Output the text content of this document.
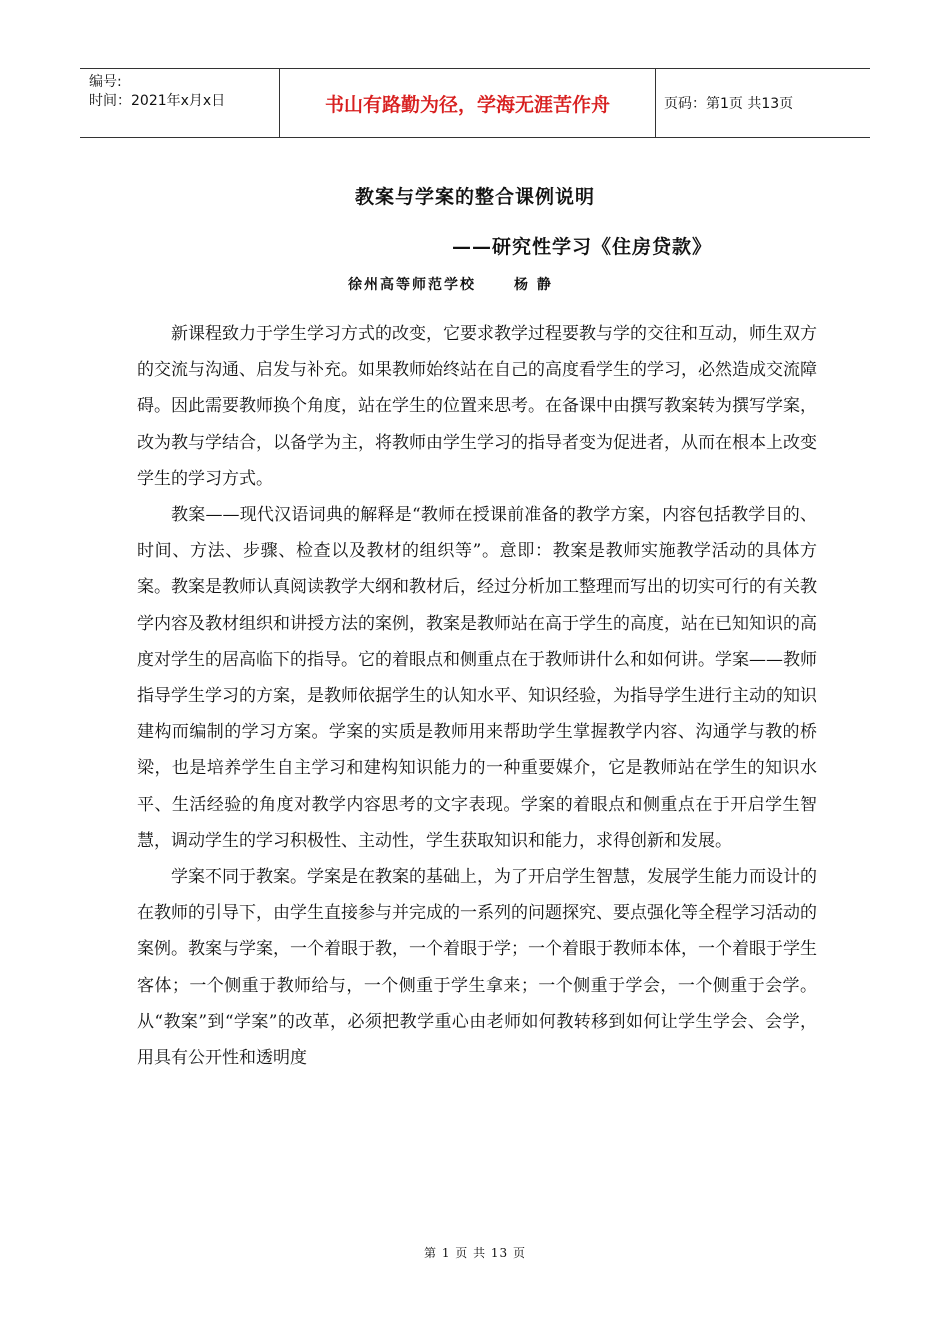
编号:
时间：2021年x月x日	书山有路勤为径，学海无涯苦作舟	页码：第1页 共13页
教案与学案的整合课例说明
——研究性学习《住房贷款》
徐州高等师范学校	杨 静

新课程致力于学生学习方式的改变，它要求教学过程要教与学的交往和互动，师生双方的交流与沟通、启发与补充。如果教师始终站在自己的高度看学生的学习，必然造成交流障碍。因此需要教师换个角度，站在学生的位置来思考。在备课中由撰写教案转为撰写学案，改为教与学结合，以备学为主，将教师由学生学习的指导者变为促进者，从而在根本上改变学生的学习方式。

教案——现代汉语词典的解释是“教师在授课前准备的教学方案，内容包括教学目的、时间、方法、步骤、检查以及教材的组织等”。意即：教案是教师实施教学活动的具体方案。教案是教师认真阅读教学大纲和教材后，经过分析加工整理而写出的切实可行的有关教学内容及教材组织和讲授方法的案例，教案是教师站在高于学生的高度，站在已知知识的高度对学生的居高临下的指导。它的着眼点和侧重点在于教师讲什么和如何讲。学案——教师指导学生学习的方案，是教师依据学生的认知水平、知识经验，为指导学生进行主动的知识建构而编制的学习方案。学案的实质是教师用来帮助学生掌握教学内容、沟通学与教的桥梁，也是培养学生自主学习和建构知识能力的一种重要媒介，它是教师站在学生的知识水平、生活经验的角度对教学内容思考的文字表现。学案的着眼点和侧重点在于开启学生智慧，调动学生的学习积极性、主动性，学生获取知识和能力，求得创新和发展。

学案不同于教案。学案是在教案的基础上，为了开启学生智慧，发展学生能力而设计的在教师的引导下，由学生直接参与并完成的一系列的问题探究、要点强化等全程学习活动的案例。教案与学案，一个着眼于教，一个着眼于学；一个着眼于教师本体，一个着眼于学生客体；一个侧重于教师给与，一个侧重于学生拿来；一个侧重于学会，一个侧重于会学。从“教案”到“学案”的改革，必须把教学重心由老师如何教转移到如何让学生学会、会学，用具有公开性和透明度

第 1 页 共 13 页
